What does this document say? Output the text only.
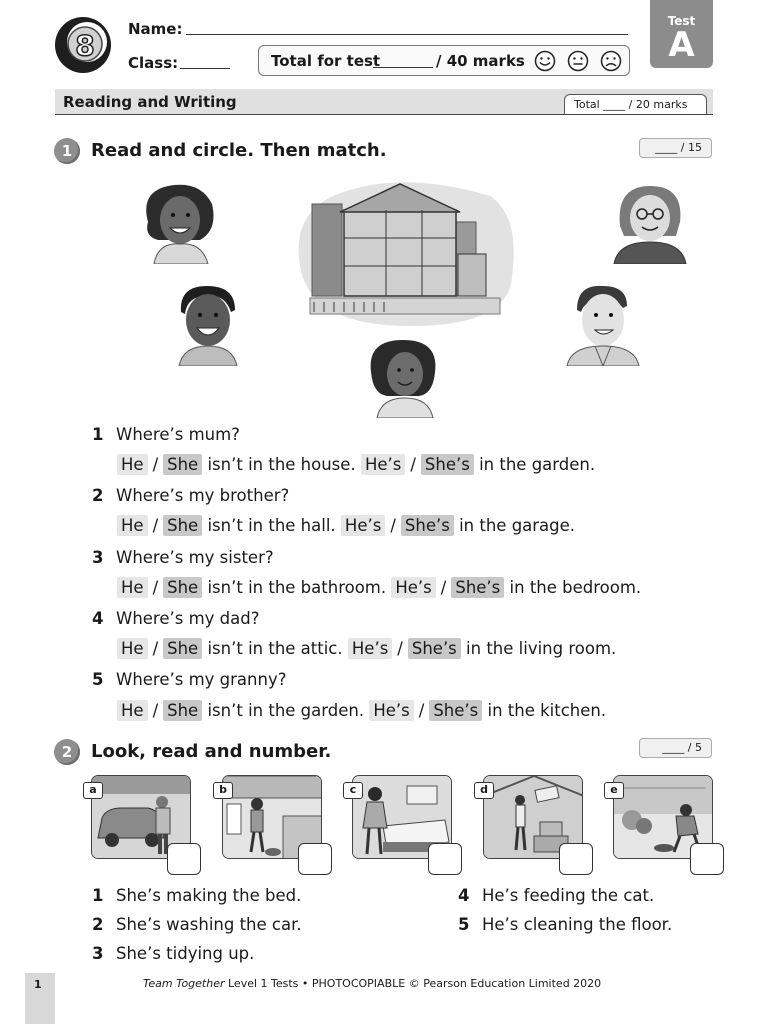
8 Name:
Class:	Total for test	/ 40 marks
Test
A
Reading and Writing	Total ____ / 20 marks
1	Read and circle. Then match.	____ / 15
1 Where’s mum?
He / She isn’t in the house. He’s / She’s in the garden.
2 Where’s my brother?
He / She isn’t in the hall. He’s / She’s in the garage.
3 Where’s my sister?
He / She isn’t in the bathroom. He’s / She’s in the bedroom.
4 Where’s my dad?
He / She isn’t in the attic. He’s / She’s in the living room.
5 Where’s my granny?
He / She isn’t in the garden. He’s / She’s in the kitchen.
2	Look, read and number.	____ / 5
a	b	c	d	e
1 She’s making the bed.
2 She’s washing the car.
3 She’s tidying up.
4 He’s feeding the cat.
5 He’s cleaning the floor.
1	Team Together Level 1 Tests • PHOTOCOPIABLE © Pearson Education Limited 2020
